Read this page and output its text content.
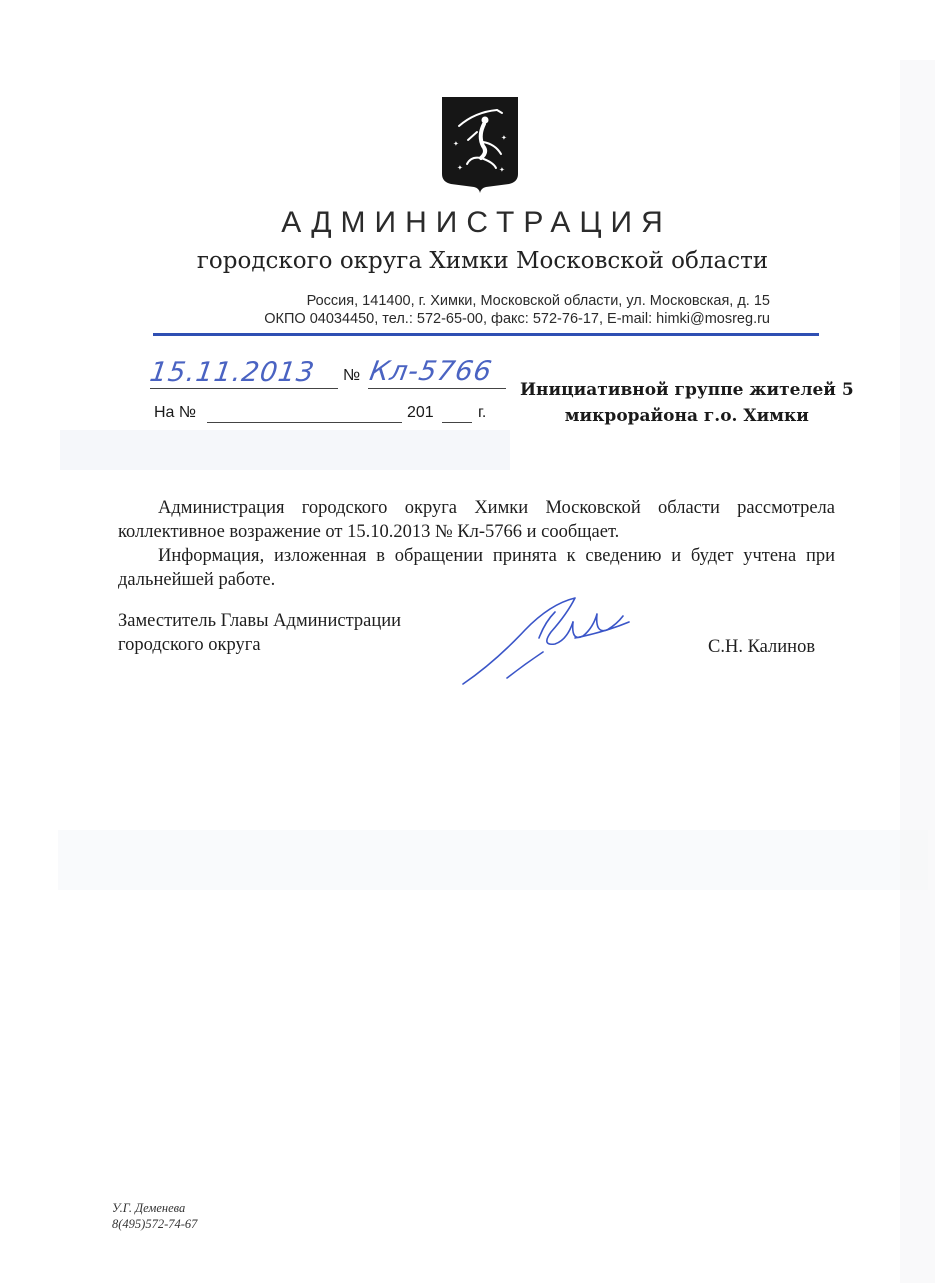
✦
✦
✦	✦
АДМИНИСТРАЦИЯ
городского округа Химки Московской области
Россия, 141400, г. Химки, Московской области, ул. Московская, д. 15
ОКПО 04034450, тел.: 572-65-00, факс: 572-76-17, E-mail: himki@mosreg.ru
15.11.2013 № Кл-5766
На №	201	г.
Инициативной группе жителей 5
микрорайона г.о. Химки

Администрация городского округа Химки Московской области рассмотрела коллективное возражение от 15.10.2013 № Кл-5766 и сообщает.

Информация, изложенная в обращении принята к сведению и будет учтена при дальнейшей работе.

Заместитель Главы Администрации
городского округа	С.Н. Калинов
У.Г. Деменева
8(495)572-74-67
